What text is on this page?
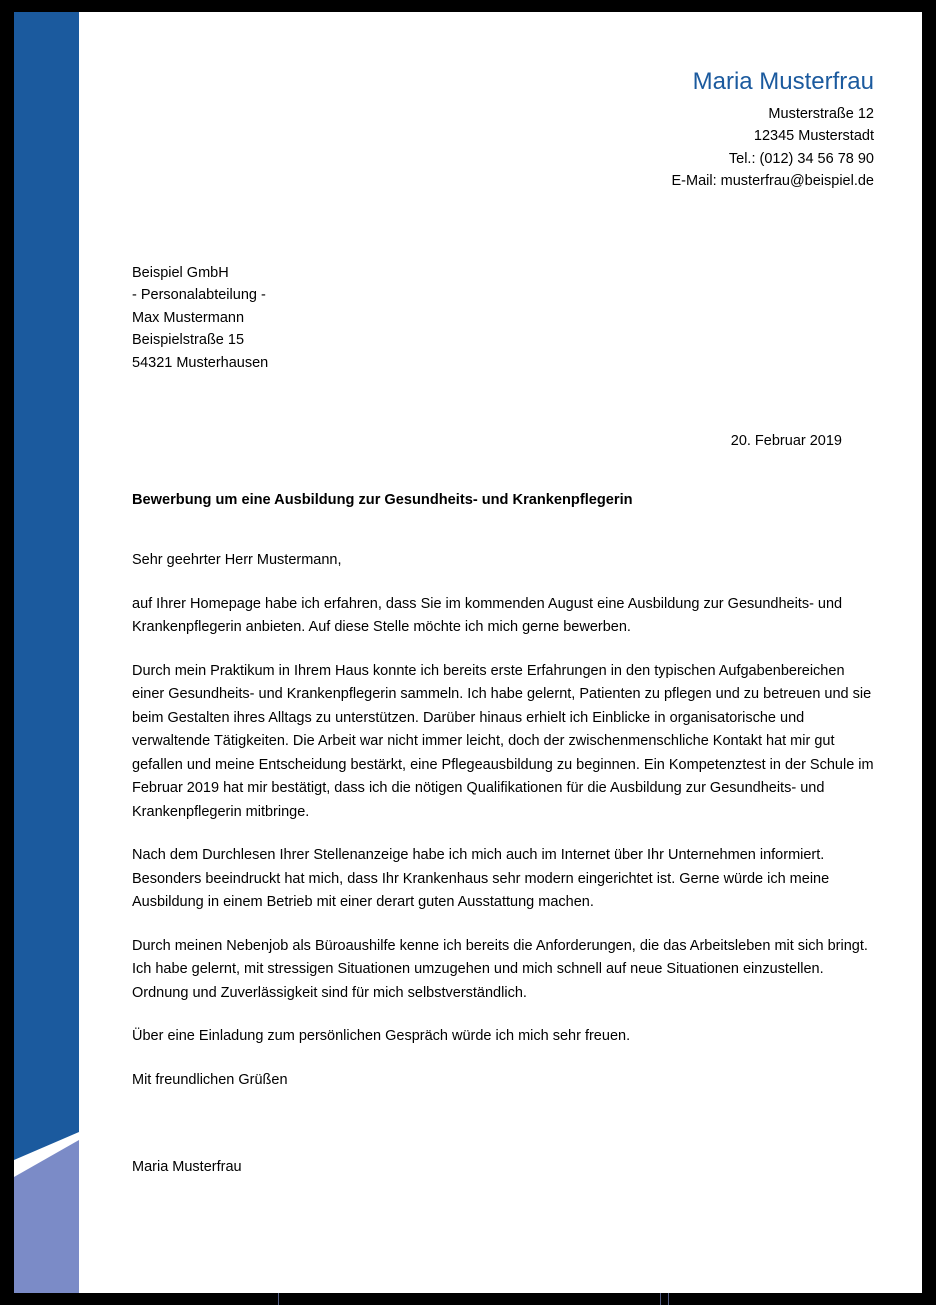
Maria Musterfrau
Musterstraße 12
12345 Musterstadt
Tel.: (012) 34 56 78 90
E-Mail: musterfrau@beispiel.de
Beispiel GmbH
- Personalabteilung -
Max Mustermann
Beispielstraße 15
54321 Musterhausen
20. Februar 2019
Bewerbung um eine Ausbildung zur Gesundheits- und Krankenpflegerin

Sehr geehrter Herr Mustermann,

auf Ihrer Homepage habe ich erfahren, dass Sie im kommenden August eine Ausbildung zur Gesundheits- und Krankenpflegerin anbieten. Auf diese Stelle möchte ich mich gerne bewerben.

Durch mein Praktikum in Ihrem Haus konnte ich bereits erste Erfahrungen in den typischen Aufgabenbereichen einer Gesundheits- und Krankenpflegerin sammeln. Ich habe gelernt, Patienten zu pflegen und zu betreuen und sie beim Gestalten ihres Alltags zu unterstützen. Darüber hinaus erhielt ich Einblicke in organisatorische und verwaltende Tätigkeiten. Die Arbeit war nicht immer leicht, doch der zwischenmenschliche Kontakt hat mir gut gefallen und meine Entscheidung bestärkt, eine Pflegeausbildung zu beginnen. Ein Kompetenztest in der Schule im Februar 2019 hat mir bestätigt, dass ich die nötigen Qualifikationen für die Ausbildung zur Gesundheits- und Krankenpflegerin mitbringe.

Nach dem Durchlesen Ihrer Stellenanzeige habe ich mich auch im Internet über Ihr Unternehmen informiert. Besonders beeindruckt hat mich, dass Ihr Krankenhaus sehr modern eingerichtet ist. Gerne würde ich meine Ausbildung in einem Betrieb mit einer derart guten Ausstattung machen.

Durch meinen Nebenjob als Büroaushilfe kenne ich bereits die Anforderungen, die das Arbeitsleben mit sich bringt. Ich habe gelernt, mit stressigen Situationen umzugehen und mich schnell auf neue Situationen einzustellen. Ordnung und Zuverlässigkeit sind für mich selbstverständlich.

Über eine Einladung zum persönlichen Gespräch würde ich mich sehr freuen.

Mit freundlichen Grüßen

Maria Musterfrau
